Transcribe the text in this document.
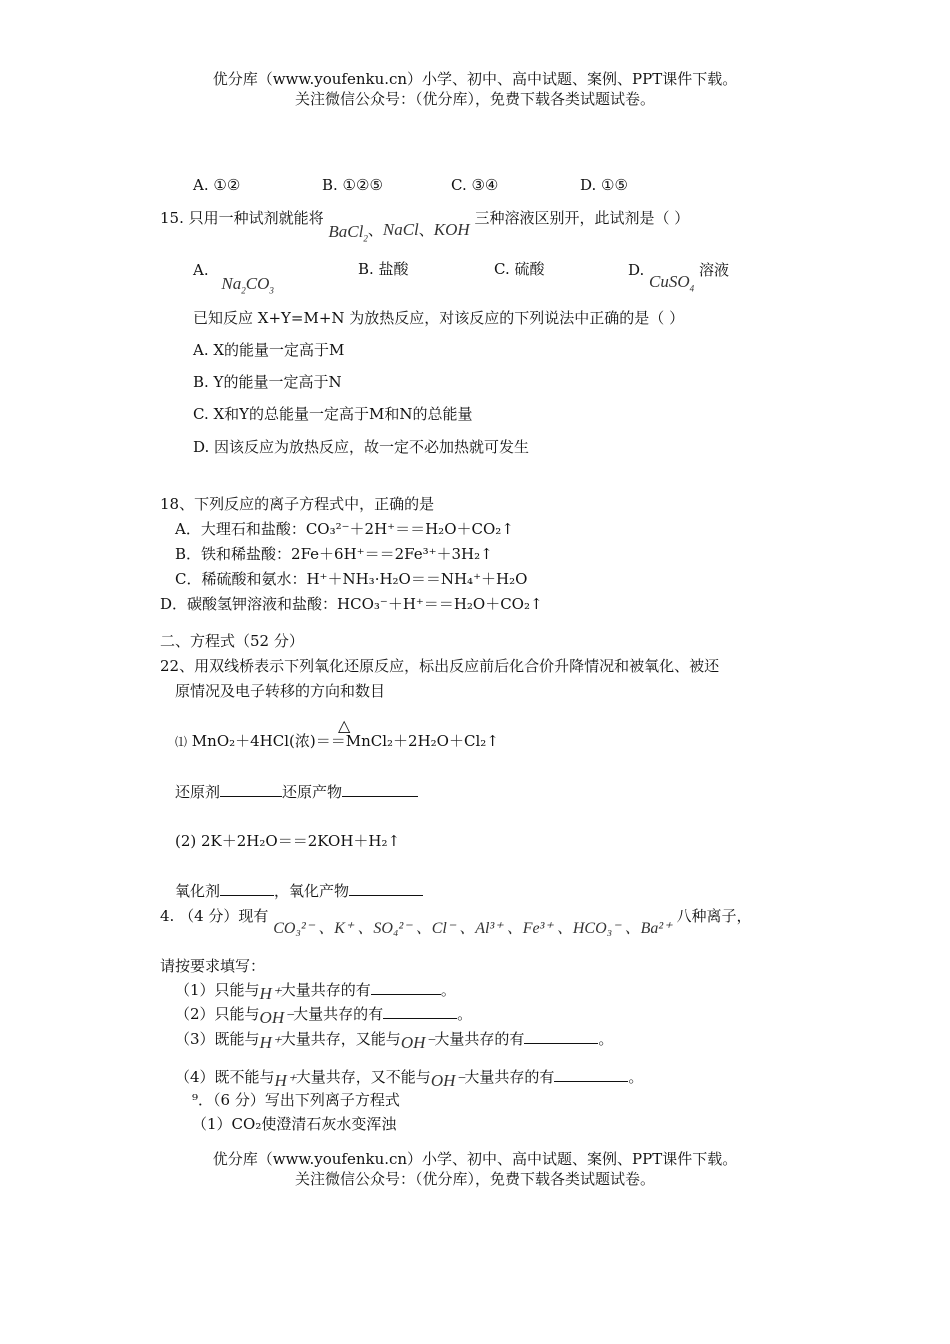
优分库（www.youfenku.cn）小学、初中、高中试题、案例、PPT课件下载。
关注微信公众号：（优分库），免费下载各类试题试卷。
A. ①②	B. ①②⑤	C. ③④	D. ①⑤
15. 只用一种试剂就能将 BaCl$_2$、NaCl、KOH 三种溶液区别开，此试剂是（ ）
A. $Na_2CO_3$
B. 盐酸	C. 硫酸	D. CuSO$_4$ 溶液
已知反应 X+Y=M+N 为放热反应，对该反应的下列说法中正确的是（ ）
A. X的能量一定高于M
B. Y的能量一定高于N
C. X和Y的总能量一定高于M和N的总能量
D. 因该反应为放热反应，故一定不必加热就可发生
18、下列反应的离子方程式中，正确的是
A．大理石和盐酸：CO₃²⁻＋2H⁺＝＝H₂O＋CO₂↑
B．铁和稀盐酸：2Fe＋6H⁺＝＝2Fe³⁺＋3H₂↑
C．稀硫酸和氨水：H⁺＋NH₃·H₂O＝＝NH₄⁺＋H₂O
D．碳酸氢钾溶液和盐酸：HCO₃⁻＋H⁺＝＝H₂O＋CO₂↑
二、方程式（52 分）
22、用双线桥表示下列氧化还原反应，标出反应前后化合价升降情况和被氧化、被还
原情况及电子转移的方向和数目
△
⑴ MnO₂＋4HCl(浓)＝＝MnCl₂＋2H₂O＋Cl₂↑
还原剂	还原产物
(2) 2K＋2H₂O＝＝2KOH＋H₂↑
氧化剂	，氧化产物
4. （4 分）现有 CO₃²⁻ 、K⁺ 、SO₄²⁻ 、Cl⁻ 、Al³⁺ 、Fe³⁺ 、HCO₃⁻ 、Ba²⁺ 八种离子，
请按要求填写：
（1）只能与H⁺大量共存的有	。
（2）只能与OH⁻大量共存的有	。
（3）既能与H⁺大量共存，又能与OH⁻大量共存的有	。
（4）既不能与H⁺大量共存，又不能与OH⁻大量共存的有	。
⁹．（6 分）写出下列离子方程式
（1）CO₂使澄清石灰水变浑浊
优分库（www.youfenku.cn）小学、初中、高中试题、案例、PPT课件下载。
关注微信公众号：（优分库），免费下载各类试题试卷。
